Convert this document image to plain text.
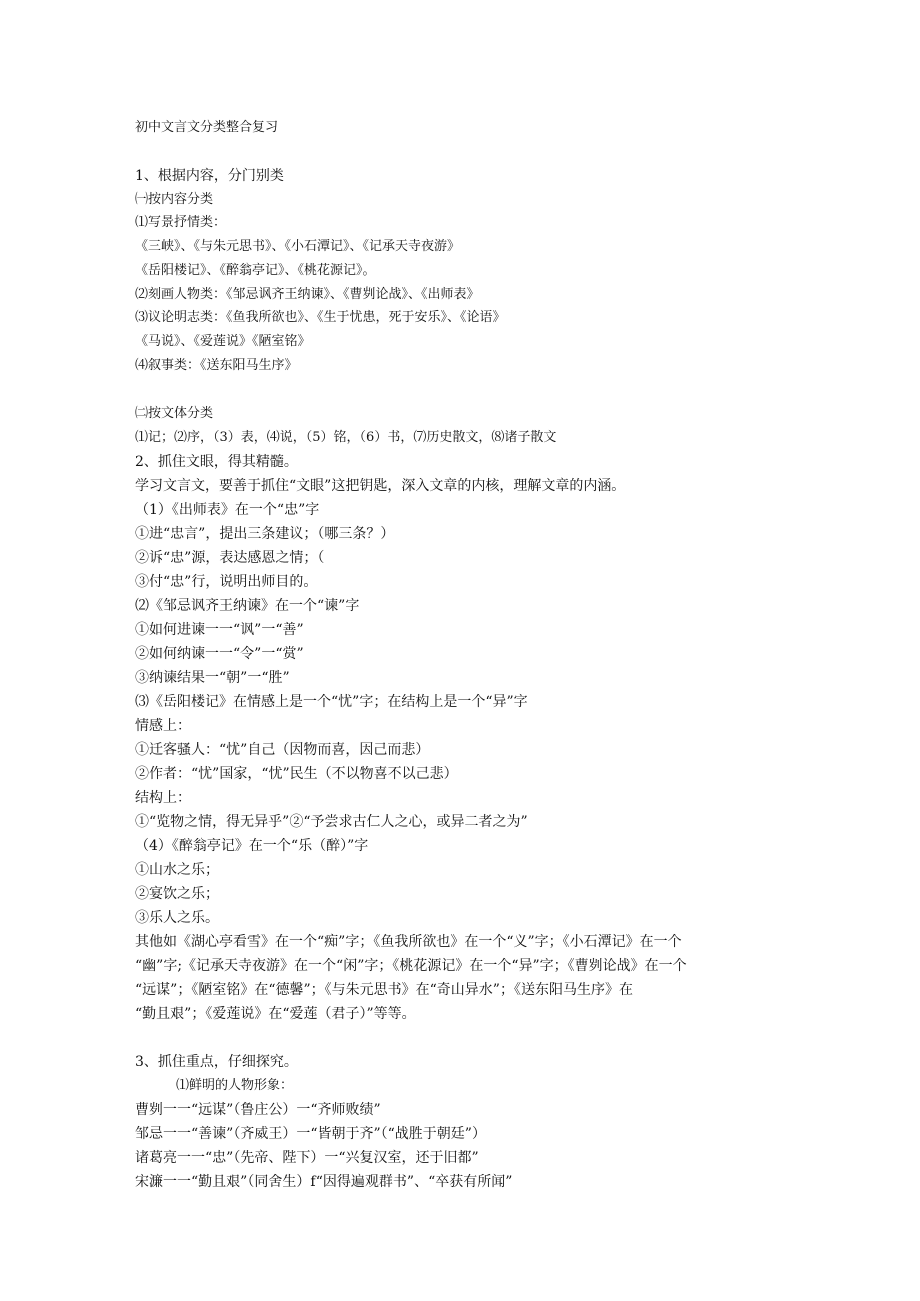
初中文言文分类整合复习
1、根据内容，分门别类
㈠按内容分类
⑴写景抒情类：
《三峡》、《与朱元思书》、《小石潭记》、《记承天寺夜游》
《岳阳楼记》、《醉翁亭记》、《桃花源记》。
⑵刻画人物类：《邹忌讽齐王纳谏》、《曹刿论战》、《出师表》
⑶议论明志类：《鱼我所欲也》、《生于忧患，死于安乐》、《论语》
《马说》、《爱莲说》《陋室铭》
⑷叙事类：《送东阳马生序》
㈡按文体分类
⑴记；⑵序，（3）表，⑷说，（5）铭，（6）书，⑺历史散文，⑻诸子散文
2、抓住文眼，得其精髓。
学习文言文，要善于抓住“文眼”这把钥匙，深入文章的内核，理解文章的内涵。
（1）《出师表》在一个“忠”字
①进“忠言”，提出三条建议；（哪三条？）
②诉“忠”源，表达感恩之情；（
③付“忠”行，说明出师目的。
⑵《邹忌讽齐王纳谏》在一个“谏”字
①如何进谏一一“讽”一“善”
②如何纳谏一一“令”一“赏”
③纳谏结果一“朝”一“胜”
⑶《岳阳楼记》在情感上是一个“忧”字；在结构上是一个“异”字
情感上：
①迁客骚人：“忧”自己（因物而喜，因己而悲）
②作者：“忧”国家，“忧”民生（不以物喜不以己悲）
结构上：
①“览物之情，得无异乎”②“予尝求古仁人之心，或异二者之为”
（4）《醉翁亭记》在一个“乐（醉）”字
①山水之乐；
②宴饮之乐；
③乐人之乐。
其他如《湖心亭看雪》在一个“痴”字；《鱼我所欲也》在一个“义”字；《小石潭记》在一个
“幽”字;《记承天寺夜游》在一个“闲”字；《桃花源记》在一个“异”字；《曹刿论战》在一个
“远谋”；《陋室铭》在“德馨”；《与朱元思书》在“奇山异水”；《送东阳马生序》在
“勤且艰”；《爱莲说》在“爱莲（君子）”等等。
3、抓住重点，仔细探究。
⑴鲜明的人物形象：
曹刿一一“远谋”（鲁庄公）一“齐师败绩”
邹忌一一“善谏”（齐威王）一“皆朝于齐”（“战胜于朝廷”）
诸葛亮一一“忠”（先帝、陛下）一“兴复汉室，还于旧都”
宋濂一一“勤且艰”（同舍生）f“因得遍观群书”、“卒获有所闻”
